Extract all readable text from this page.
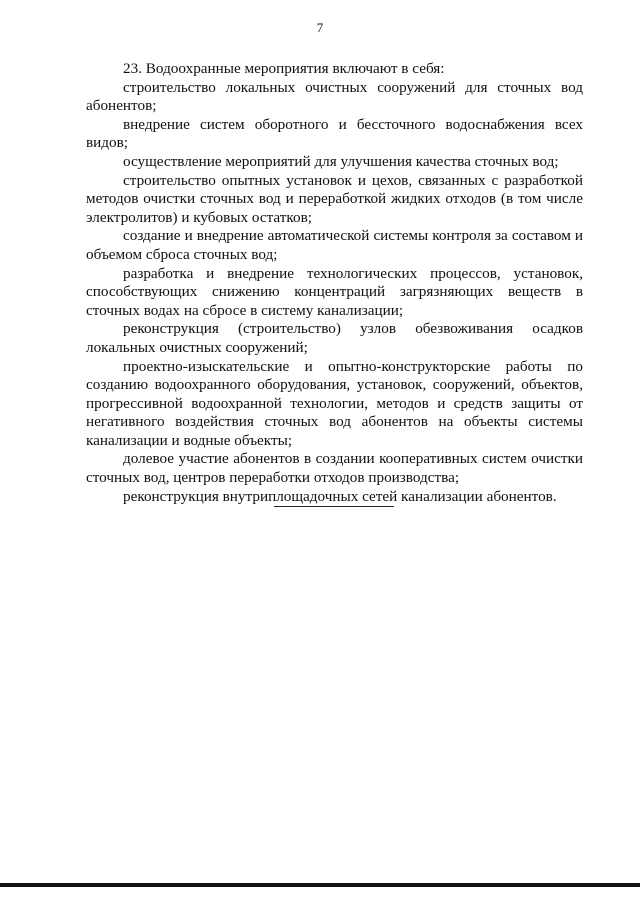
7

23. Водоохранные мероприятия включают в себя:

строительство локальных очистных сооружений для сточных вод абонентов;

внедрение систем оборотного и бессточного водоснабжения всех видов;

осуществление мероприятий для улучшения качества сточных вод;

строительство опытных установок и цехов, связанных с разработкой методов очистки сточных вод и переработкой жидких отходов (в том числе электролитов) и кубовых остатков;

создание и внедрение автоматической системы контроля за составом и объемом сброса сточных вод;

разработка и внедрение технологических процессов, установок, способствующих снижению концентраций загрязняющих веществ в сточных водах на сбросе в систему канализации;

реконструкция (строительство) узлов обезвоживания осадков локальных очистных сооружений;

проектно-изыскательские и опытно-конструкторские работы по созданию водоохранного оборудования, установок, сооружений, объектов, прогрессивной водоохранной технологии, методов и средств защиты от негативного воздействия сточных вод абонентов на объекты системы канализации и водные объекты;

долевое участие абонентов в создании кооперативных систем очистки сточных вод, центров переработки отходов производства;

реконструкция внутриплощадочных сетей канализации абонентов.
